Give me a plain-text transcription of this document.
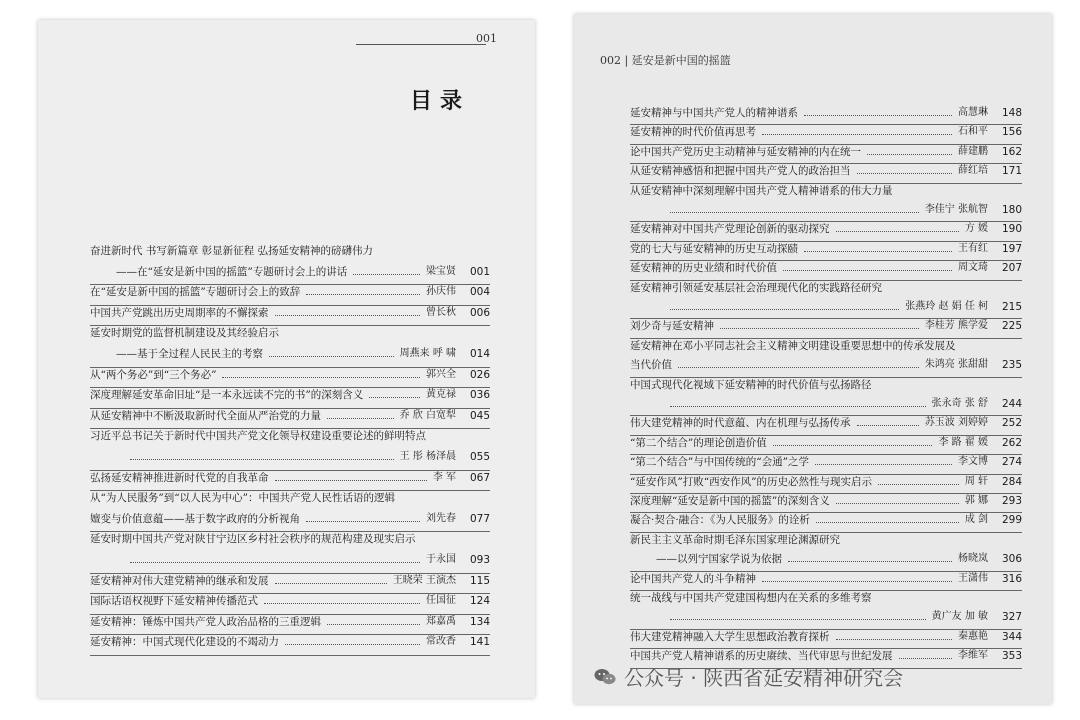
001
目录
奋进新时代 书写新篇章 彰显新征程 弘扬延安精神的磅礴伟力
——在“延安是新中国的摇篮”专题研讨会上的讲话	梁宝贤 001
在“延安是新中国的摇篮”专题研讨会上的致辞	孙庆伟 004
中国共产党跳出历史周期率的不懈探索	曾长秋 006
延安时期党的监督机制建设及其经验启示
——基于全过程人民民主的考察	周燕来 呼 啸 014
从“两个务必”到“三个务必”	郭兴全 026
深度理解延安革命旧址“是一本永远读不完的书”的深刻含义	黄克禄 036
从延安精神中不断汲取新时代全面从严治党的力量	乔 欣 白宽犁 045
习近平总书记关于新时代中国共产党文化领导权建设重要论述的鲜明特点
王 彤 杨泽晨 055
弘扬延安精神推进新时代党的自我革命	李 军 067
从“为人民服务”到“以人民为中心”：中国共产党人民性话语的逻辑
嬗变与价值意蕴——基于数字政府的分析视角	刘先春 077
延安时期中国共产党对陕甘宁边区乡村社会秩序的规范构建及现实启示
于永国 093
延安精神对伟大建党精神的继承和发展	王晓荣 王演杰 115
国际话语权视野下延安精神传播范式	任国征 124
延安精神：锤炼中国共产党人政治品格的三重逻辑	郑嘉禹 134
延安精神：中国式现代化建设的不竭动力	常改香 141
002 | 延安是新中国的摇篮
延安精神与中国共产党人的精神谱系	高慧琳 148
延安精神的时代价值再思考	石和平 156
论中国共产党历史主动精神与延安精神的内在统一	薛建鹏 162
从延安精神感悟和把握中国共产党人的政治担当	薛红培 171
从延安精神中深刻理解中国共产党人精神谱系的伟大力量
李佳宁 张航智 180
延安精神对中国共产党理论创新的驱动探究	方 媛 190
党的七大与延安精神的历史互动探赜	王有红 197
延安精神的历史业绩和时代价值	周文琦 207
延安精神引领延安基层社会治理现代化的实践路径研究
张燕玲 赵 娟 任 柯 215
刘少奇与延安精神	李桂芳 熊学爱 225
延安精神在邓小平同志社会主义精神文明建设重要思想中的传承发展及
当代价值	朱鸿亮 张甜甜 235
中国式现代化视域下延安精神的时代价值与弘扬路径
张永奇 张 舒 244
伟大建党精神的时代意蕴、内在机理与弘扬传承	苏玉波 刘婷婷 252
“第二个结合”的理论创造价值	李 路 翟 媛 262
“第二个结合”与中国传统的“会通”之学	李文博 274
“延安作风”打败“西安作风”的历史必然性与现实启示	周 轩 284
深度理解“延安是新中国的摇篮”的深刻含义	郭 娜 293
凝合·契合·融合：《为人民服务》的诠析	成 剑 299
新民主主义革命时期毛泽东国家理论渊源研究
——以列宁国家学说为依据	杨晓岚 306
论中国共产党人的斗争精神	王潇伟 316
统一战线与中国共产党建国构想内在关系的多维考察
黄广友 加 敏 327
伟大建党精神融入大学生思想政治教育探析	秦惠艳 344
中国共产党人精神谱系的历史赓续、当代审思与世纪发展	李维军 353
公众号 · 陕西省延安精神研究会
